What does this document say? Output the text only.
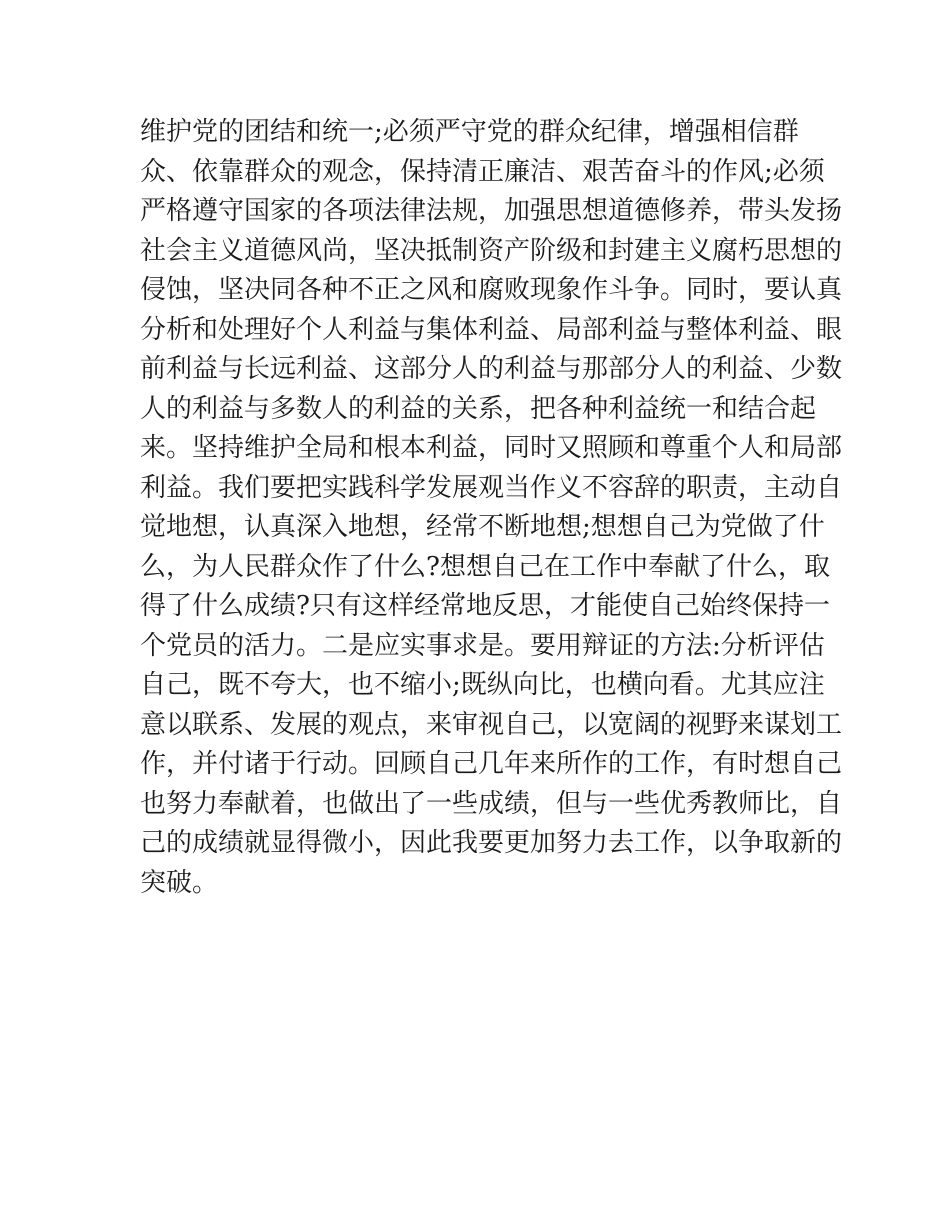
维护党的团结和统一;必须严守党的群众纪律，增强相信群
众、依靠群众的观念，保持清正廉洁、艰苦奋斗的作风;必须
严格遵守国家的各项法律法规，加强思想道德修养，带头发扬
社会主义道德风尚，坚决抵制资产阶级和封建主义腐朽思想的
侵蚀，坚决同各种不正之风和腐败现象作斗争。同时，要认真
分析和处理好个人利益与集体利益、局部利益与整体利益、眼
前利益与长远利益、这部分人的利益与那部分人的利益、少数
人的利益与多数人的利益的关系，把各种利益统一和结合起
来。坚持维护全局和根本利益，同时又照顾和尊重个人和局部
利益。我们要把实践科学发展观当作义不容辞的职责，主动自
觉地想，认真深入地想，经常不断地想;想想自己为党做了什
么，为人民群众作了什么?想想自己在工作中奉献了什么，取
得了什么成绩?只有这样经常地反思，才能使自己始终保持一
个党员的活力。二是应实事求是。要用辩证的方法:分析评估
自己，既不夸大，也不缩小;既纵向比，也横向看。尤其应注
意以联系、发展的观点，来审视自己，以宽阔的视野来谋划工
作，并付诸于行动。回顾自己几年来所作的工作，有时想自己
也努力奉献着，也做出了一些成绩，但与一些优秀教师比，自
己的成绩就显得微小，因此我要更加努力去工作，以争取新的
突破。
